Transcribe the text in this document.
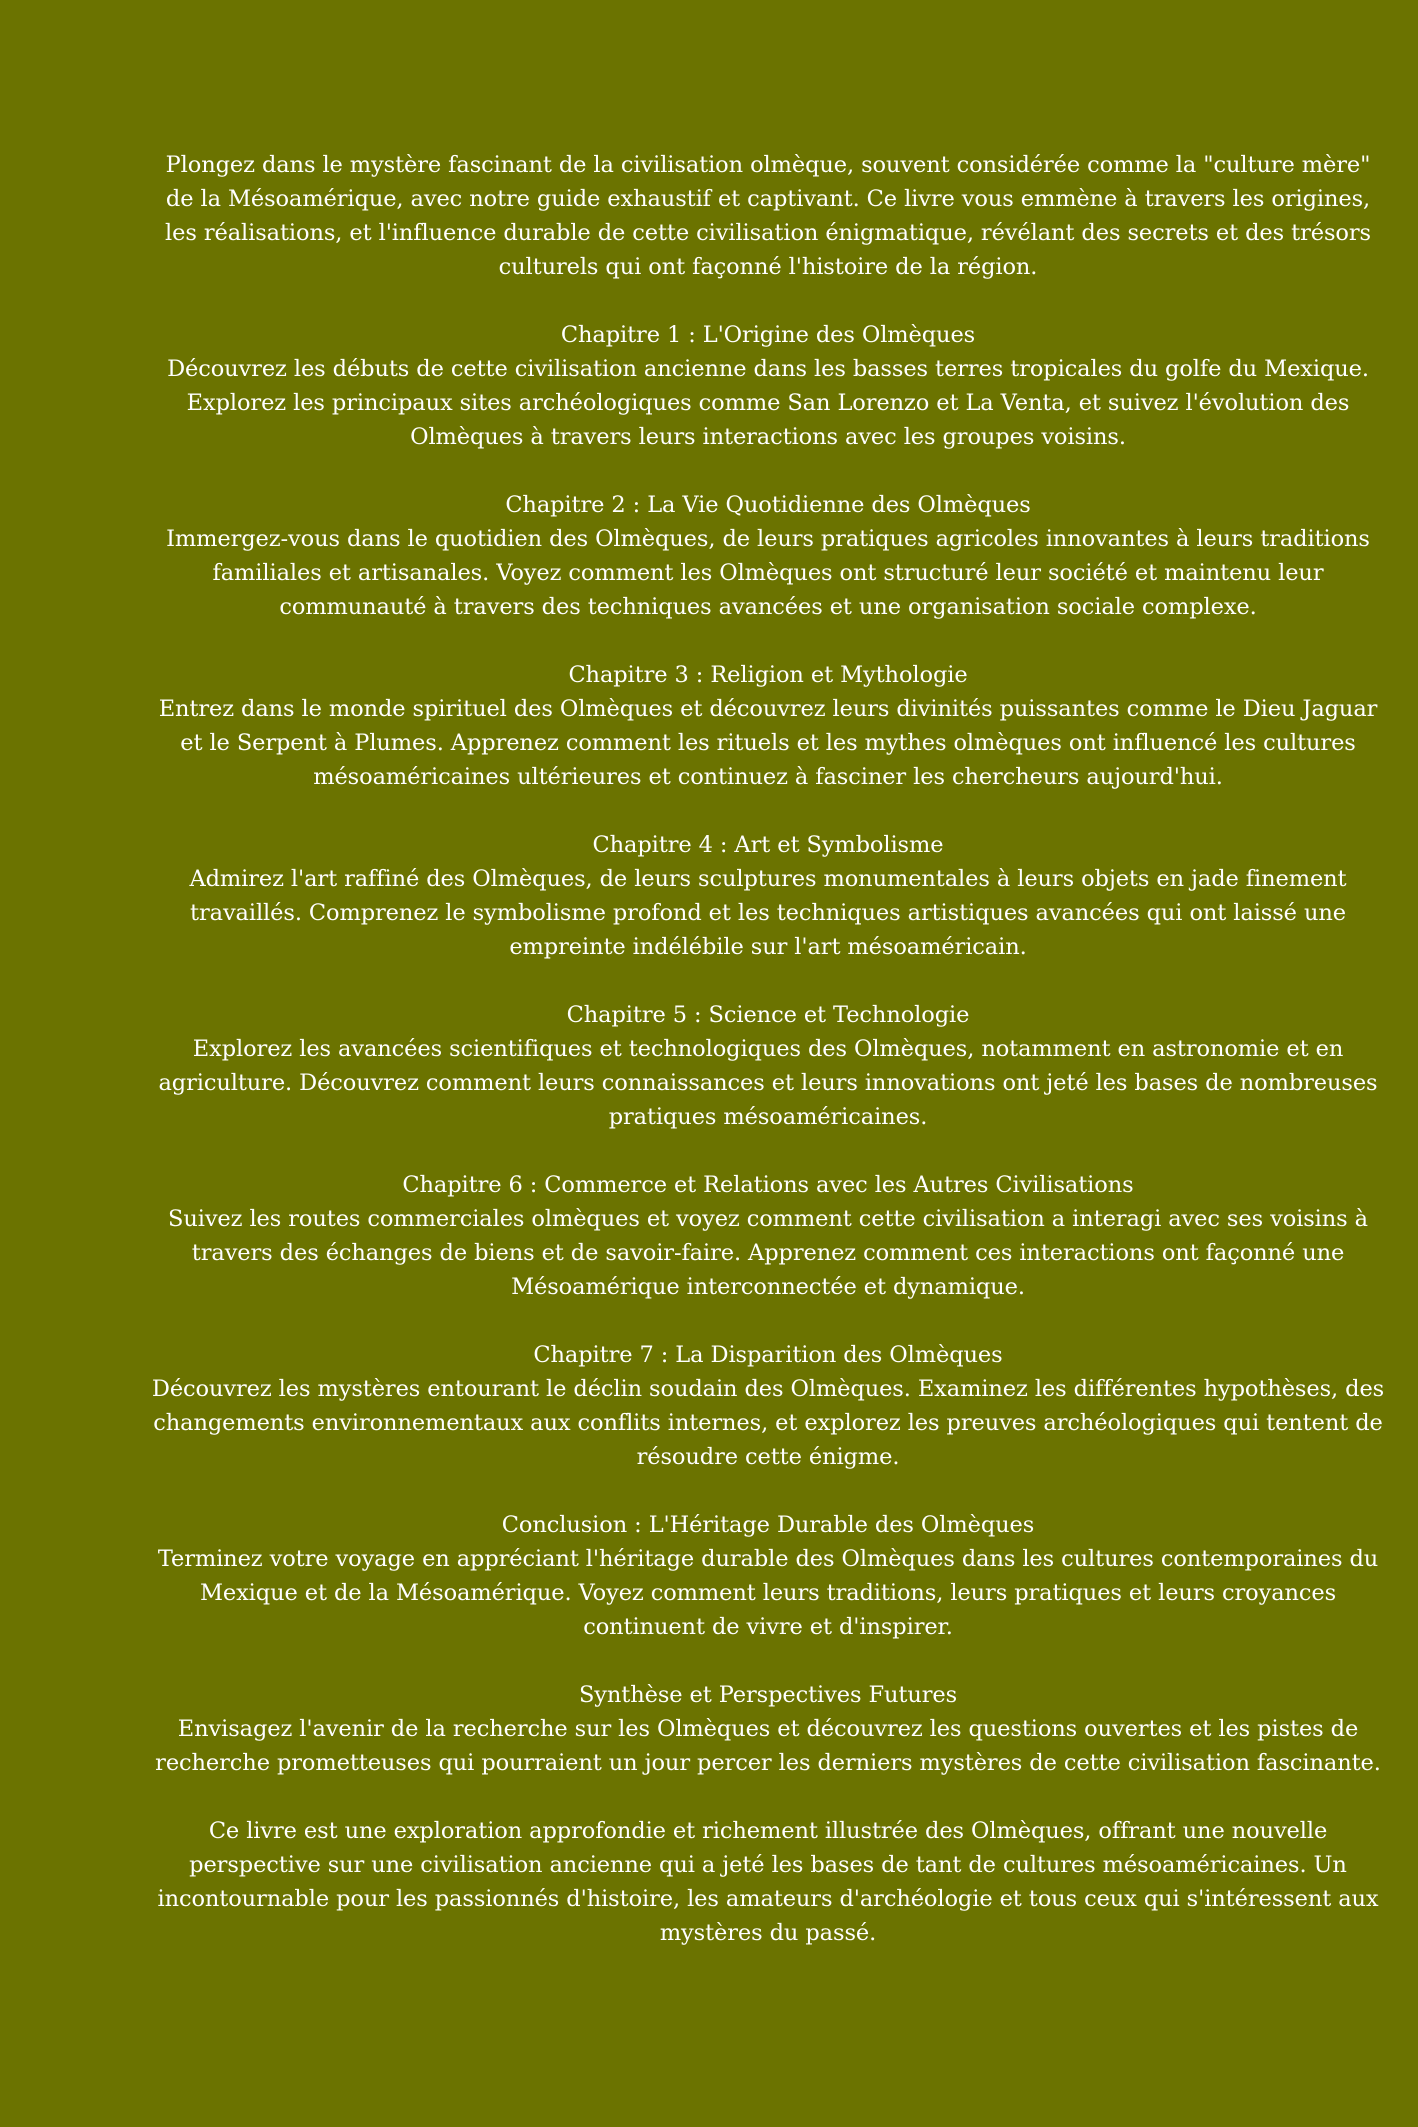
Plongez dans le mystère fascinant de la civilisation olmèque, souvent considérée comme la "culture mère" de la Mésoamérique, avec notre guide exhaustif et captivant. Ce livre vous emmène à travers les origines, les réalisations, et l'influence durable de cette civilisation énigmatique, révélant des secrets et des trésors culturels qui ont façonné l'histoire de la région.

Chapitre 1 : L'Origine des Olmèques
Découvrez les débuts de cette civilisation ancienne dans les basses terres tropicales du golfe du Mexique. Explorez les principaux sites archéologiques comme San Lorenzo et La Venta, et suivez l'évolution des Olmèques à travers leurs interactions avec les groupes voisins.
Chapitre 2 : La Vie Quotidienne des Olmèques
Immergez-vous dans le quotidien des Olmèques, de leurs pratiques agricoles innovantes à leurs traditions familiales et artisanales. Voyez comment les Olmèques ont structuré leur société et maintenu leur communauté à travers des techniques avancées et une organisation sociale complexe.
Chapitre 3 : Religion et Mythologie
Entrez dans le monde spirituel des Olmèques et découvrez leurs divinités puissantes comme le Dieu Jaguar et le Serpent à Plumes. Apprenez comment les rituels et les mythes olmèques ont influencé les cultures mésoaméricaines ultérieures et continuez à fasciner les chercheurs aujourd'hui.
Chapitre 4 : Art et Symbolisme
Admirez l'art raffiné des Olmèques, de leurs sculptures monumentales à leurs objets en jade finement travaillés. Comprenez le symbolisme profond et les techniques artistiques avancées qui ont laissé une empreinte indélébile sur l'art mésoaméricain.
Chapitre 5 : Science et Technologie
Explorez les avancées scientifiques et technologiques des Olmèques, notamment en astronomie et en agriculture. Découvrez comment leurs connaissances et leurs innovations ont jeté les bases de nombreuses pratiques mésoaméricaines.
Chapitre 6 : Commerce et Relations avec les Autres Civilisations
Suivez les routes commerciales olmèques et voyez comment cette civilisation a interagi avec ses voisins à travers des échanges de biens et de savoir-faire. Apprenez comment ces interactions ont façonné une Mésoamérique interconnectée et dynamique.
Chapitre 7 : La Disparition des Olmèques
Découvrez les mystères entourant le déclin soudain des Olmèques. Examinez les différentes hypothèses, des changements environnementaux aux conflits internes, et explorez les preuves archéologiques qui tentent de résoudre cette énigme.
Conclusion : L'Héritage Durable des Olmèques
Terminez votre voyage en appréciant l'héritage durable des Olmèques dans les cultures contemporaines du Mexique et de la Mésoamérique. Voyez comment leurs traditions, leurs pratiques et leurs croyances continuent de vivre et d'inspirer.
Synthèse et Perspectives Futures
Envisagez l'avenir de la recherche sur les Olmèques et découvrez les questions ouvertes et les pistes de recherche prometteuses qui pourraient un jour percer les derniers mystères de cette civilisation fascinante.

Ce livre est une exploration approfondie et richement illustrée des Olmèques, offrant une nouvelle perspective sur une civilisation ancienne qui a jeté les bases de tant de cultures mésoaméricaines. Un incontournable pour les passionnés d'histoire, les amateurs d'archéologie et tous ceux qui s'intéressent aux mystères du passé.
